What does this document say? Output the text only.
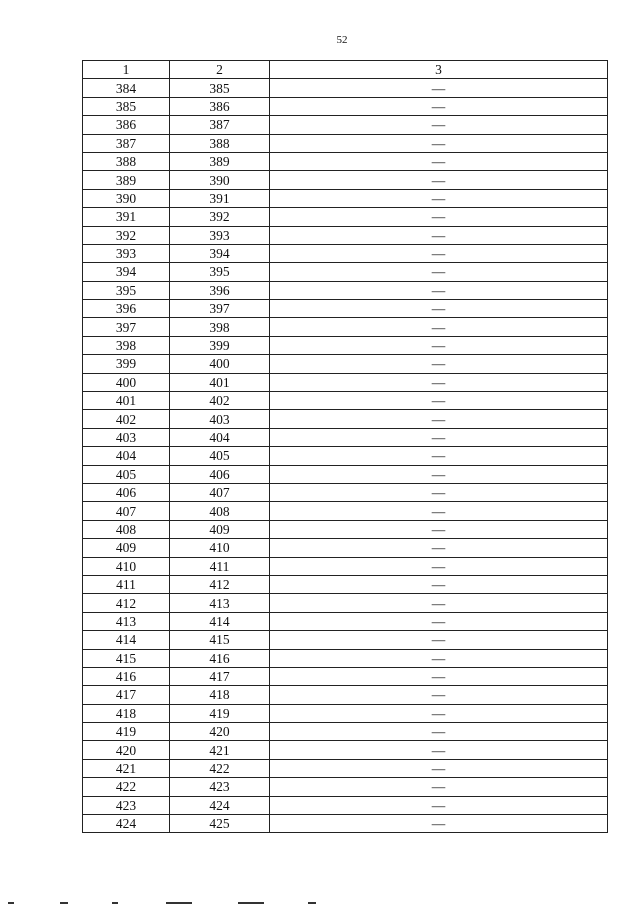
52
1	2	3
384	385	—
385	386	—
386	387	—
387	388	—
388	389	—
389	390	—
390	391	—
391	392	—
392	393	—
393	394	—
394	395	—
395	396	—
396	397	—
397	398	—
398	399	—
399	400	—
400	401	—
401	402	—
402	403	—
403	404	—
404	405	—
405	406	—
406	407	—
407	408	—
408	409	—
409	410	—
410	411	—
411	412	—
412	413	—
413	414	—
414	415	—
415	416	—
416	417	—
417	418	—
418	419	—
419	420	—
420	421	—
421	422	—
422	423	—
423	424	—
424	425	—
